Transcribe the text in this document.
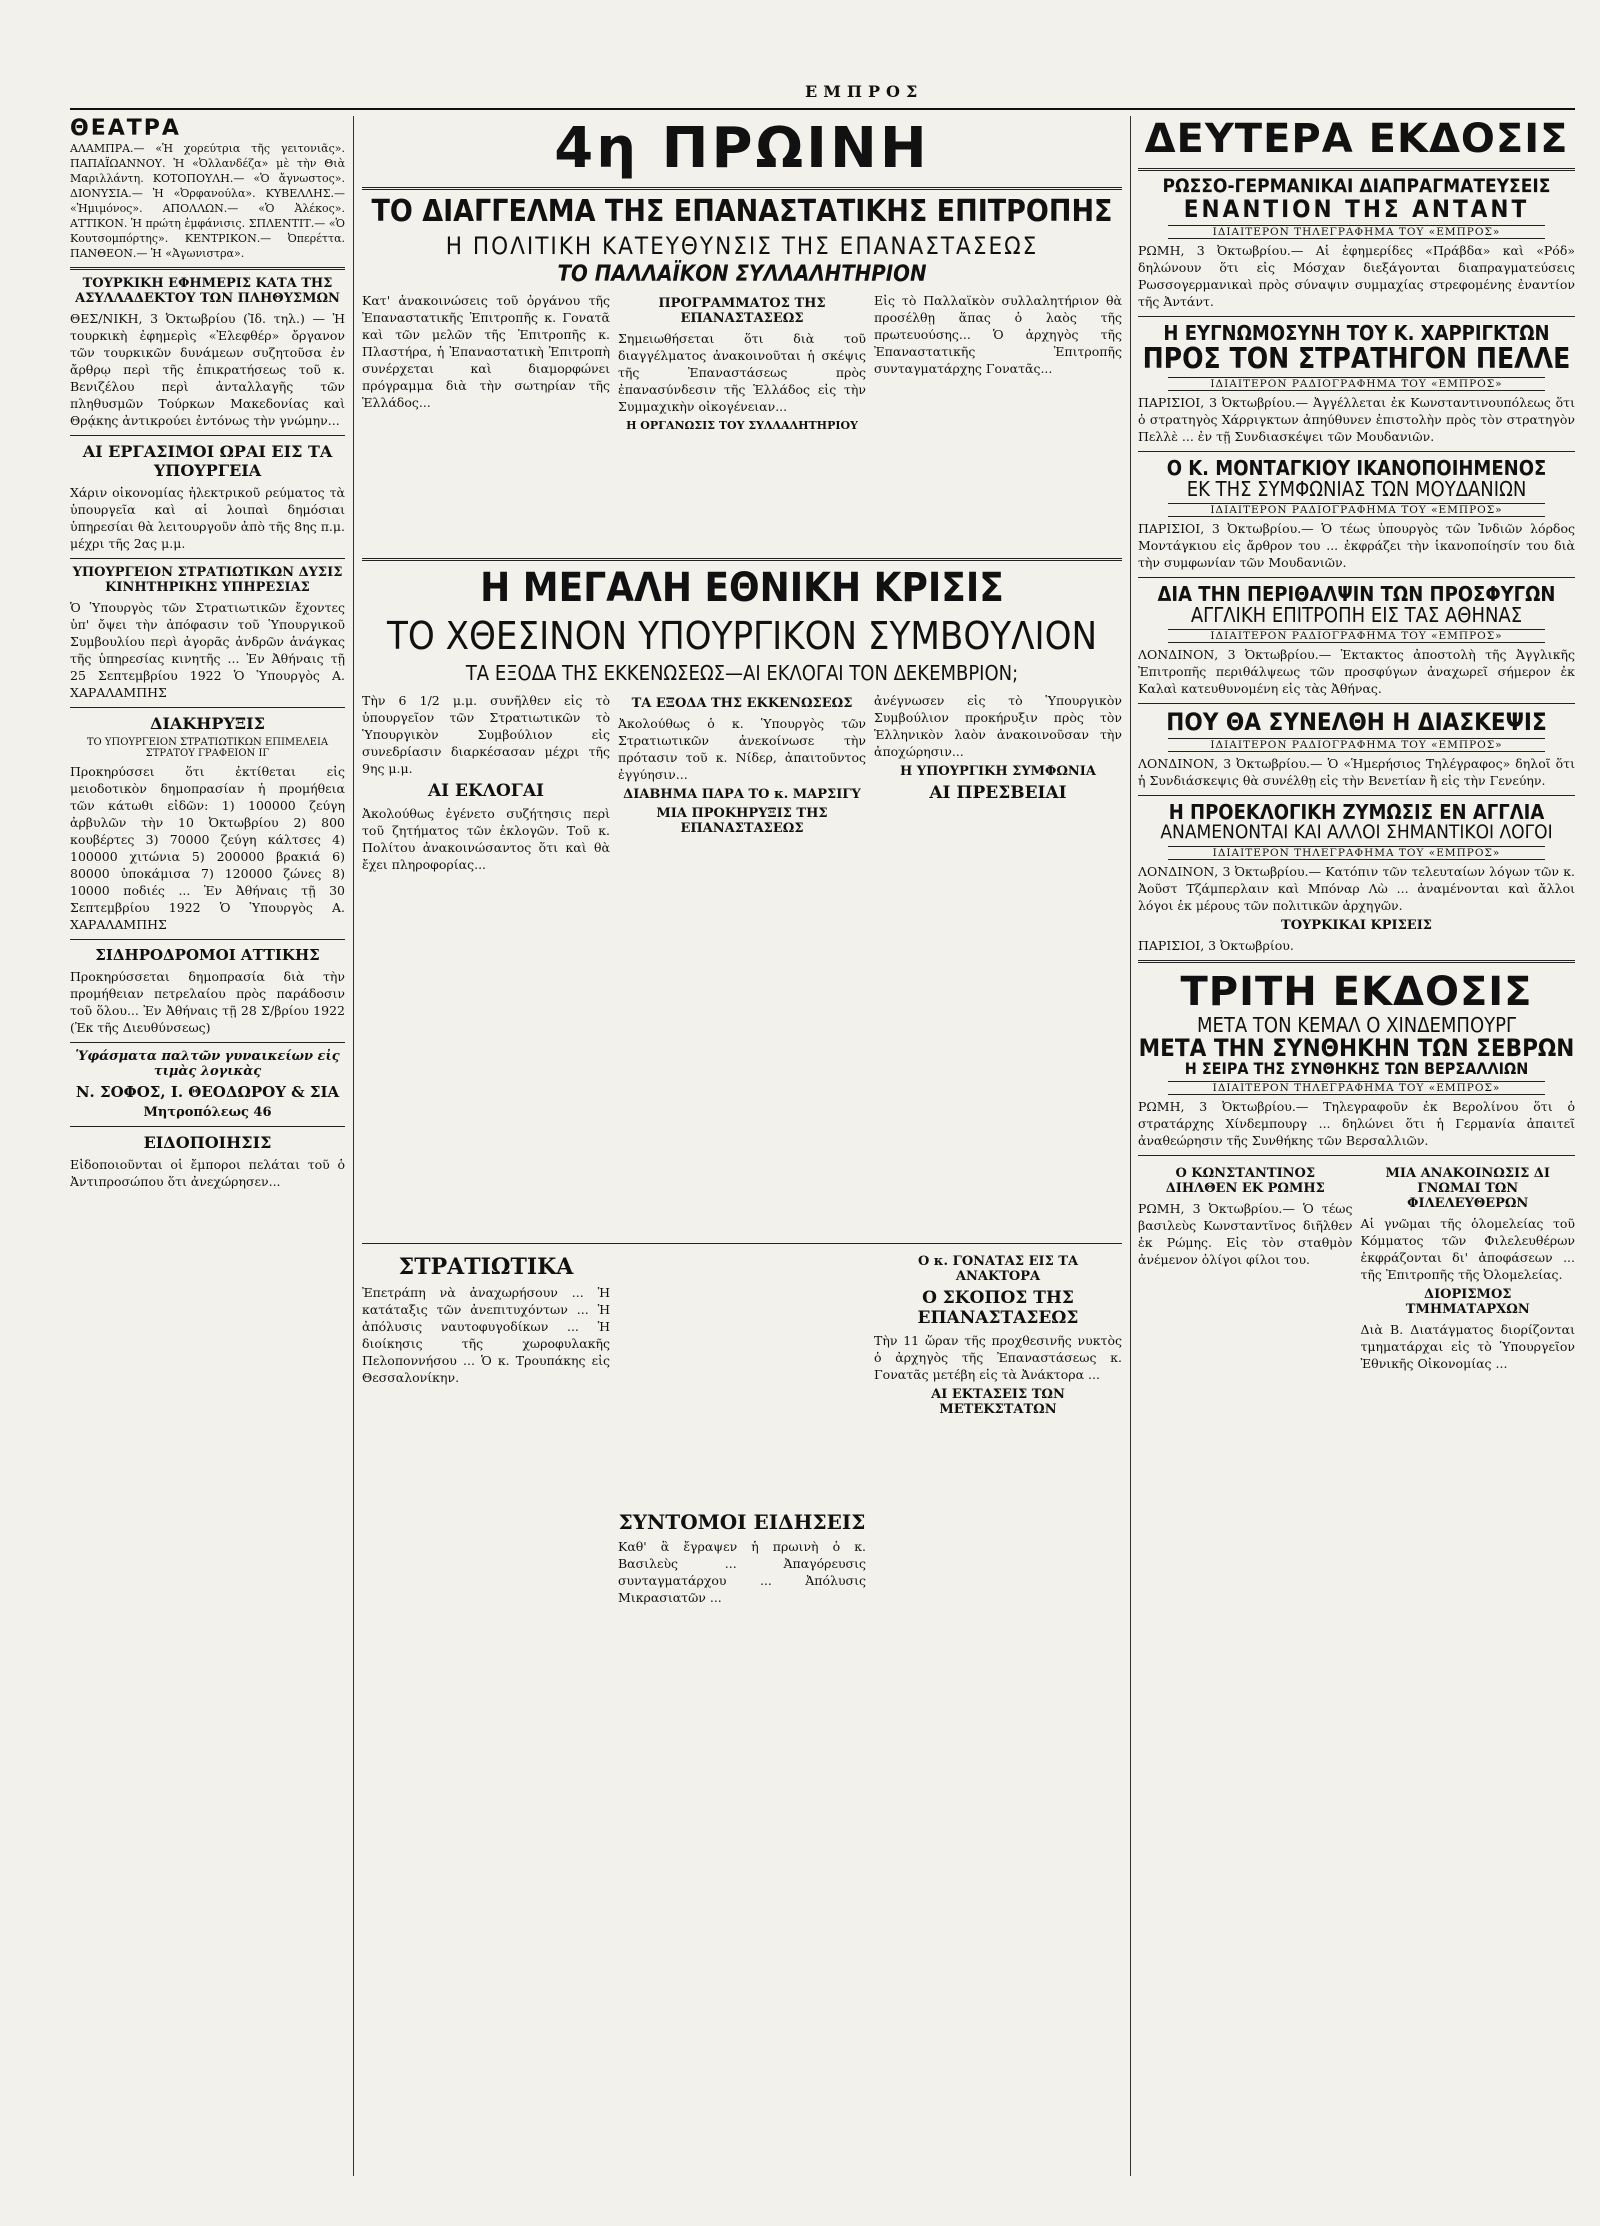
ΕΜΠΡΟΣ
ΘΕΑΤΡΑ
ΑΛΑΜΠΡΑ.— «Ἡ χορεύτρια τῆς γειτονιᾶς». ΠΑΠΑΪΩΑΝΝΟΥ. Ἡ «Ὀλλανδέζα» μὲ τὴν Θιὰ Μαριλλάντη. ΚΟΤΟΠΟΥΛΗ.— «Ὁ ἄγνωστος». ΔΙΟΝΥΣΙΑ.— Ἡ «Ὀρφανούλα». ΚΥΒΕΛΛΗΣ.— «Ἡμιμόνος». ΑΠΟΛΛΩΝ.— «Ὁ Ἀλέκος». ΑΤΤΙΚΟΝ. Ἡ πρώτη ἐμφάνισις. ΣΠΛΕΝΤΙΤ.— «Ὁ Κουτσομπόρτης». ΚΕΝΤΡΙΚΟΝ.— Ὀπερέττα. ΠΑΝΘΕΟΝ.— Ἡ «Ἀγωνιστρα».
ΤΟΥΡΚΙΚΗ ΕΦΗΜΕΡΙΣ ΚΑΤΑ ΤΗΣ ΑΣΥΛΛΑΔΕΚΤΟΥ ΤΩΝ ΠΛΗΘΥΣΜΩΝ
ΘΕΣ/ΝΙΚΗ, 3 Ὀκτωβρίου (Ἰδ. τηλ.) — Ἡ τουρκικὴ ἐφημερὶς «Ἐλεφθέρ» ὄργανον τῶν τουρκικῶν δυνάμεων συζητοῦσα ἐν ἄρθρῳ περὶ τῆς ἐπικρατήσεως τοῦ κ. Βενιζέλου περὶ ἀνταλλαγῆς τῶν πληθυσμῶν Τούρκων Μακεδονίας καὶ Θρᾴκης ἀντικρούει ἐντόνως τὴν γνώμην...
ΑΙ ΕΡΓΑΣΙΜΟΙ ΩΡΑΙ ΕΙΣ ΤΑ ΥΠΟΥΡΓΕΙΑ
Χάριν οἰκονομίας ἠλεκτρικοῦ ρεύματος τὰ ὑπουργεῖα καὶ αἱ λοιπαὶ δημόσιαι ὑπηρεσίαι θὰ λειτουργοῦν ἀπὸ τῆς 8ης π.μ. μέχρι τῆς 2ας μ.μ.
ΥΠΟΥΡΓΕΙΟΝ ΣΤΡΑΤΙΩΤΙΚΩΝ ΔΥΣΙΣ ΚΙΝΗΤΗΡΙΚΗΣ ΥΠΗΡΕΣΙΑΣ
Ὁ Ὑπουργὸς τῶν Στρατιωτικῶν ἔχοντες ὑπ' ὄψει τὴν ἀπόφασιν τοῦ Ὑπουργικοῦ Συμβουλίου περὶ ἀγορᾶς ἀνδρῶν ἀνάγκας τῆς ὑπηρεσίας κινητῆς ... Ἐν Ἀθήναις τῇ 25 Σεπτεμβρίου 1922 Ὁ Ὑπουργὸς Α. ΧΑΡΑΛΑΜΠΗΣ
ΔΙΑΚΗΡΥΞΙΣ
ΤΟ ΥΠΟΥΡΓΕΙΟΝ ΣΤΡΑΤΙΩΤΙΚΩΝ ΕΠΙΜΕΛΕΙΑ ΣΤΡΑΤΟΥ ΓΡΑΦΕΙΟΝ ΙΓ
Προκηρύσσει ὅτι ἐκτίθεται εἰς μειοδοτικὸν δημοπρασίαν ἡ προμήθεια τῶν κάτωθι εἰδῶν: 1) 100000 ζεύγη ἀρβυλῶν τὴν 10 Ὀκτωβρίου 2) 800 κουβέρτες 3) 70000 ζεύγη κάλτσες 4) 100000 χιτώνια 5) 200000 βρακιά 6) 80000 ὑποκάμισα 7) 120000 ζώνες 8) 10000 ποδιές ... Ἐν Ἀθήναις τῇ 30 Σεπτεμβρίου 1922 Ὁ Ὑπουργὸς Α. ΧΑΡΑΛΑΜΠΗΣ
ΣΙΔΗΡΟΔΡΟΜΟΙ ΑΤΤΙΚΗΣ
Προκηρύσσεται δημοπρασία διὰ τὴν προμήθειαν πετρελαίου πρὸς παράδοσιν τοῦ ὅλου... Ἐν Ἀθήναις τῇ 28 Σ/βρίου 1922 (Ἐκ τῆς Διευθύνσεως)
Ὑφάσματα παλτῶν γυναικείων εἰς τιμὰς λογικὰς
Ν. ΣΟΦΟΣ, Ι. ΘΕΟΔΩΡΟΥ & ΣΙΑ
Μητροπόλεως 46
ΕΙΔΟΠΟΙΗΣΙΣ
Εἰδοποιοῦνται οἱ ἔμποροι πελάται τοῦ ὁ Ἀντιπροσώπου ὅτι ἀνεχώρησεν...
4η ΠΡΩΙΝΗ
ΤΟ ΔΙΑΓΓΕΛΜΑ ΤΗΣ ΕΠΑΝΑΣΤΑΤΙΚΗΣ ΕΠΙΤΡΟΠΗΣ
Η ΠΟΛΙΤΙΚΗ ΚΑΤΕΥΘΥΝΣΙΣ ΤΗΣ ΕΠΑΝΑΣΤΑΣΕΩΣ
ΤΟ ΠΑΛΛΑΪΚΟΝ ΣΥΛΛΑΛΗΤΗΡΙΟΝ
Κατ' ἀνακοινώσεις τοῦ ὀργάνου τῆς Ἐπαναστατικῆς Ἐπιτροπῆς κ. Γονατᾶ καὶ τῶν μελῶν τῆς Ἐπιτροπῆς κ. Πλαστήρα, ἡ Ἐπαναστατικὴ Ἐπιτροπὴ συνέρχεται καὶ διαμορφώνει πρόγραμμα διὰ τὴν σωτηρίαν τῆς Ἑλλάδος...
ΠΡΟΓΡΑΜΜΑΤΟΣ ΤΗΣ ΕΠΑΝΑΣΤΑΣΕΩΣ
Σημειωθήσεται ὅτι διὰ τοῦ διαγγέλματος ἀνακοινοῦται ἡ σκέψις τῆς Ἐπαναστάσεως πρὸς ἐπανασύνδεσιν τῆς Ἑλλάδος εἰς τὴν Συμμαχικὴν οἰκογένειαν...
Η ΟΡΓΑΝΩΣΙΣ ΤΟΥ ΣΥΛΛΑΛΗΤΗΡΙΟΥ
Εἰς τὸ Παλλαϊκὸν συλλαλητήριον θὰ προσέλθῃ ἅπας ὁ λαὸς τῆς πρωτευούσης... Ὁ ἀρχηγὸς τῆς Ἐπαναστατικῆς Ἐπιτροπῆς συνταγματάρχης Γονατᾶς...
Η ΜΕΓΑΛΗ ΕΘΝΙΚΗ ΚΡΙΣΙΣ
ΤΟ ΧΘΕΣΙΝΟΝ ΥΠΟΥΡΓΙΚΟΝ ΣΥΜΒΟΥΛΙΟΝ
ΤΑ ΕΞΟΔΑ ΤΗΣ ΕΚΚΕΝΩΣΕΩΣ—ΑΙ ΕΚΛΟΓΑΙ ΤΟΝ ΔΕΚΕΜΒΡΙΟΝ;
Τὴν 6 1/2 μ.μ. συνῆλθεν εἰς τὸ ὑπουργεῖον τῶν Στρατιωτικῶν τὸ Ὑπουργικὸν Συμβούλιον εἰς συνεδρίασιν διαρκέσασαν μέχρι τῆς 9ης μ.μ.
ΑΙ ΕΚΛΟΓΑΙ
Ἀκολούθως ἐγένετο συζήτησις περὶ τοῦ ζητήματος τῶν ἐκλογῶν. Τοῦ κ. Πολίτου ἀνακοινώσαντος ὅτι καὶ θὰ ἔχει πληροφορίας...
ΤΑ ΕΞΟΔΑ ΤΗΣ ΕΚΚΕΝΩΣΕΩΣ
Ἀκολούθως ὁ κ. Ὑπουργὸς τῶν Στρατιωτικῶν ἀνεκοίνωσε τὴν πρότασιν τοῦ κ. Νίδερ, ἀπαιτοῦντος ἐγγύησιν...
ΔΙΑΒΗΜΑ ΠΑΡΑ ΤΟ κ. ΜΑΡΣΙΓΥ
ΜΙΑ ΠΡΟΚΗΡΥΞΙΣ ΤΗΣ ΕΠΑΝΑΣΤΑΣΕΩΣ
ἀνέγνωσεν εἰς τὸ Ὑπουργικὸν Συμβούλιον προκήρυξιν πρὸς τὸν Ἑλληνικὸν λαὸν ἀνακοινοῦσαν τὴν ἀποχώρησιν...
Η ΥΠΟΥΡΓΙΚΗ ΣΥΜΦΩΝΙΑ
ΑΙ ΠΡΕΣΒΕΙΑΙ
ΣΤΡΑΤΙΩΤΙΚΑ
Ἐπετράπη νὰ ἀναχωρήσουν ... Ἡ κατάταξις τῶν ἀνεπιτυχόντων ... Ἡ ἀπόλυσις ναυτοφυγοδίκων ... Ἡ διοίκησις τῆς χωροφυλακῆς Πελοποννήσου ... Ὁ κ. Τρουπάκης εἰς Θεσσαλονίκην.
ΣΥΝΤΟΜΟΙ ΕΙΔΗΣΕΙΣ
Καθ' ἃ ἔγραψεν ἡ πρωινὴ ὁ κ. Βασιλεὺς ... Ἀπαγόρευσις συνταγματάρχου ... Ἀπόλυσις Μικρασιατῶν ...
Ο κ. ΓΟΝΑΤΑΣ ΕΙΣ ΤΑ ΑΝΑΚΤΟΡΑ
Ο ΣΚΟΠΟΣ ΤΗΣ ΕΠΑΝΑΣΤΑΣΕΩΣ
Τὴν 11 ὥραν τῆς προχθεσινῆς νυκτὸς ὁ ἀρχηγὸς τῆς Ἐπαναστάσεως κ. Γονατᾶς μετέβη εἰς τὰ Ἀνάκτορα ...
ΑΙ ΕΚΤΑΣΕΙΣ ΤΩΝ ΜΕΤΕΚΣΤΑΤΩΝ
ΔΕΥΤΕΡΑ ΕΚΔΟΣΙΣ
ΡΩΣΣΟ-ΓΕΡΜΑΝΙΚΑΙ ΔΙΑΠΡΑΓΜΑΤΕΥΣΕΙΣ
ΕΝΑΝΤΙΟΝ ΤΗΣ ΑΝΤΑΝΤ
ΙΔΙΑΙΤΕΡΟΝ ΤΗΛΕΓΡΑΦΗΜΑ ΤΟΥ «ΕΜΠΡΟΣ»
ΡΩΜΗ, 3 Ὀκτωβρίου.— Αἱ ἐφημερίδες «Πράβδα» καὶ «Ρόδ» δηλώνουν ὅτι εἰς Μόσχαν διεξάγονται διαπραγματεύσεις Ρωσσογερμανικαὶ πρὸς σύναψιν συμμαχίας στρεφομένης ἐναντίον τῆς Ἀντάντ.
Η ΕΥΓΝΩΜΟΣΥΝΗ ΤΟΥ Κ. ΧΑΡΡΙΓΚΤΩΝ
ΠΡΟΣ ΤΟΝ ΣΤΡΑΤΗΓΟΝ ΠΕΛΛΕ
ΙΔΙΑΙΤΕΡΟΝ ΡΑΔΙΟΓΡΑΦΗΜΑ ΤΟΥ «ΕΜΠΡΟΣ»
ΠΑΡΙΣΙΟΙ, 3 Ὀκτωβρίου.— Ἀγγέλλεται ἐκ Κωνσταντινουπόλεως ὅτι ὁ στρατηγὸς Χάρριγκτων ἀπηύθυνεν ἐπιστολὴν πρὸς τὸν στρατηγὸν Πελλὲ ... ἐν τῇ Συνδιασκέψει τῶν Μουδανιῶν.
Ο Κ. ΜΟΝΤΑΓΚΙΟΥ ΙΚΑΝΟΠΟΙΗΜΕΝΟΣ
ΕΚ ΤΗΣ ΣΥΜΦΩΝΙΑΣ ΤΩΝ ΜΟΥΔΑΝΙΩΝ
ΙΔΙΑΙΤΕΡΟΝ ΡΑΔΙΟΓΡΑΦΗΜΑ ΤΟΥ «ΕΜΠΡΟΣ»
ΠΑΡΙΣΙΟΙ, 3 Ὀκτωβρίου.— Ὁ τέως ὑπουργὸς τῶν Ἰνδιῶν λόρδος Μοντάγκιου εἰς ἄρθρον του ... ἐκφράζει τὴν ἱκανοποίησίν του διὰ τὴν συμφωνίαν τῶν Μουδανιῶν.
ΔΙΑ ΤΗΝ ΠΕΡΙΘΑΛΨΙΝ ΤΩΝ ΠΡΟΣΦΥΓΩΝ
ΑΓΓΛΙΚΗ ΕΠΙΤΡΟΠΗ ΕΙΣ ΤΑΣ ΑΘΗΝΑΣ
ΙΔΙΑΙΤΕΡΟΝ ΡΑΔΙΟΓΡΑΦΗΜΑ ΤΟΥ «ΕΜΠΡΟΣ»
ΛΟΝΔΙΝΟΝ, 3 Ὀκτωβρίου.— Ἐκτακτος ἀποστολὴ τῆς Ἀγγλικῆς Ἐπιτροπῆς περιθάλψεως τῶν προσφύγων ἀναχωρεῖ σήμερον ἐκ Καλαὶ κατευθυνομένη εἰς τὰς Ἀθήνας.
ΠΟΥ ΘΑ ΣΥΝΕΛΘΗ Η ΔΙΑΣΚΕΨΙΣ
ΙΔΙΑΙΤΕΡΟΝ ΡΑΔΙΟΓΡΑΦΗΜΑ ΤΟΥ «ΕΜΠΡΟΣ»
ΛΟΝΔΙΝΟΝ, 3 Ὀκτωβρίου.— Ὁ «Ἡμερήσιος Τηλέγραφος» δηλοῖ ὅτι ἡ Συνδιάσκεψις θὰ συνέλθῃ εἰς τὴν Βενετίαν ἢ εἰς τὴν Γενεύην.
Η ΠΡΟΕΚΛΟΓΙΚΗ ΖΥΜΩΣΙΣ ΕΝ ΑΓΓΛΙΑ
ΑΝΑΜΕΝΟΝΤΑΙ ΚΑΙ ΑΛΛΟΙ ΣΗΜΑΝΤΙΚΟΙ ΛΟΓΟΙ
ΙΔΙΑΙΤΕΡΟΝ ΤΗΛΕΓΡΑΦΗΜΑ ΤΟΥ «ΕΜΠΡΟΣ»
ΛΟΝΔΙΝΟΝ, 3 Ὀκτωβρίου.— Κατόπιν τῶν τελευταίων λόγων τῶν κ. Ἀοῦστ Τζάμπερλαιν καὶ Μπόναρ Λὼ ... ἀναμένονται καὶ ἄλλοι λόγοι ἐκ μέρους τῶν πολιτικῶν ἀρχηγῶν.
ΤΟΥΡΚΙΚΑΙ ΚΡΙΣΕΙΣ
ΠΑΡΙΣΙΟΙ, 3 Ὀκτωβρίου.
ΤΡΙΤΗ ΕΚΔΟΣΙΣ
ΜΕΤΑ ΤΟΝ ΚΕΜΑΛ Ο ΧΙΝΔΕΜΠΟΥΡΓ
ΜΕΤΑ ΤΗΝ ΣΥΝΘΗΚΗΝ ΤΩΝ ΣΕΒΡΩΝ
Η ΣΕΙΡΑ ΤΗΣ ΣΥΝΘΗΚΗΣ ΤΩΝ ΒΕΡΣΑΛΛΙΩΝ
ΙΔΙΑΙΤΕΡΟΝ ΤΗΛΕΓΡΑΦΗΜΑ ΤΟΥ «ΕΜΠΡΟΣ»
ΡΩΜΗ, 3 Ὀκτωβρίου.— Τηλεγραφοῦν ἐκ Βερολίνου ὅτι ὁ στρατάρχης Χίνδεμπουργ ... δηλώνει ὅτι ἡ Γερμανία ἀπαιτεῖ ἀναθεώρησιν τῆς Συνθήκης τῶν Βερσαλλιῶν.
Ο ΚΩΝΣΤΑΝΤΙΝΟΣ ΔΙΗΛΘΕΝ ΕΚ ΡΩΜΗΣ
ΡΩΜΗ, 3 Ὀκτωβρίου.— Ὁ τέως βασιλεὺς Κωνσταντῖνος διῆλθεν ἐκ Ρώμης. Εἰς τὸν σταθμὸν ἀνέμενον ὀλίγοι φίλοι του.
ΜΙΑ ΑΝΑΚΟΙΝΩΣΙΣ ΔΙ ΓΝΩΜΑΙ ΤΩΝ ΦΙΛΕΛΕΥΘΕΡΩΝ
Αἱ γνῶμαι τῆς ὁλομελείας τοῦ Κόμματος τῶν Φιλελευθέρων ἐκφράζονται δι' ἀποφάσεων ... τῆς Ἐπιτροπῆς τῆς Ὀλομελείας.
ΔΙΟΡΙΣΜΟΣ ΤΜΗΜΑΤΑΡΧΩΝ
Διὰ Β. Διατάγματος διορίζονται τμηματάρχαι εἰς τὸ Ὑπουργεῖον Ἐθνικῆς Οἰκονομίας ...
